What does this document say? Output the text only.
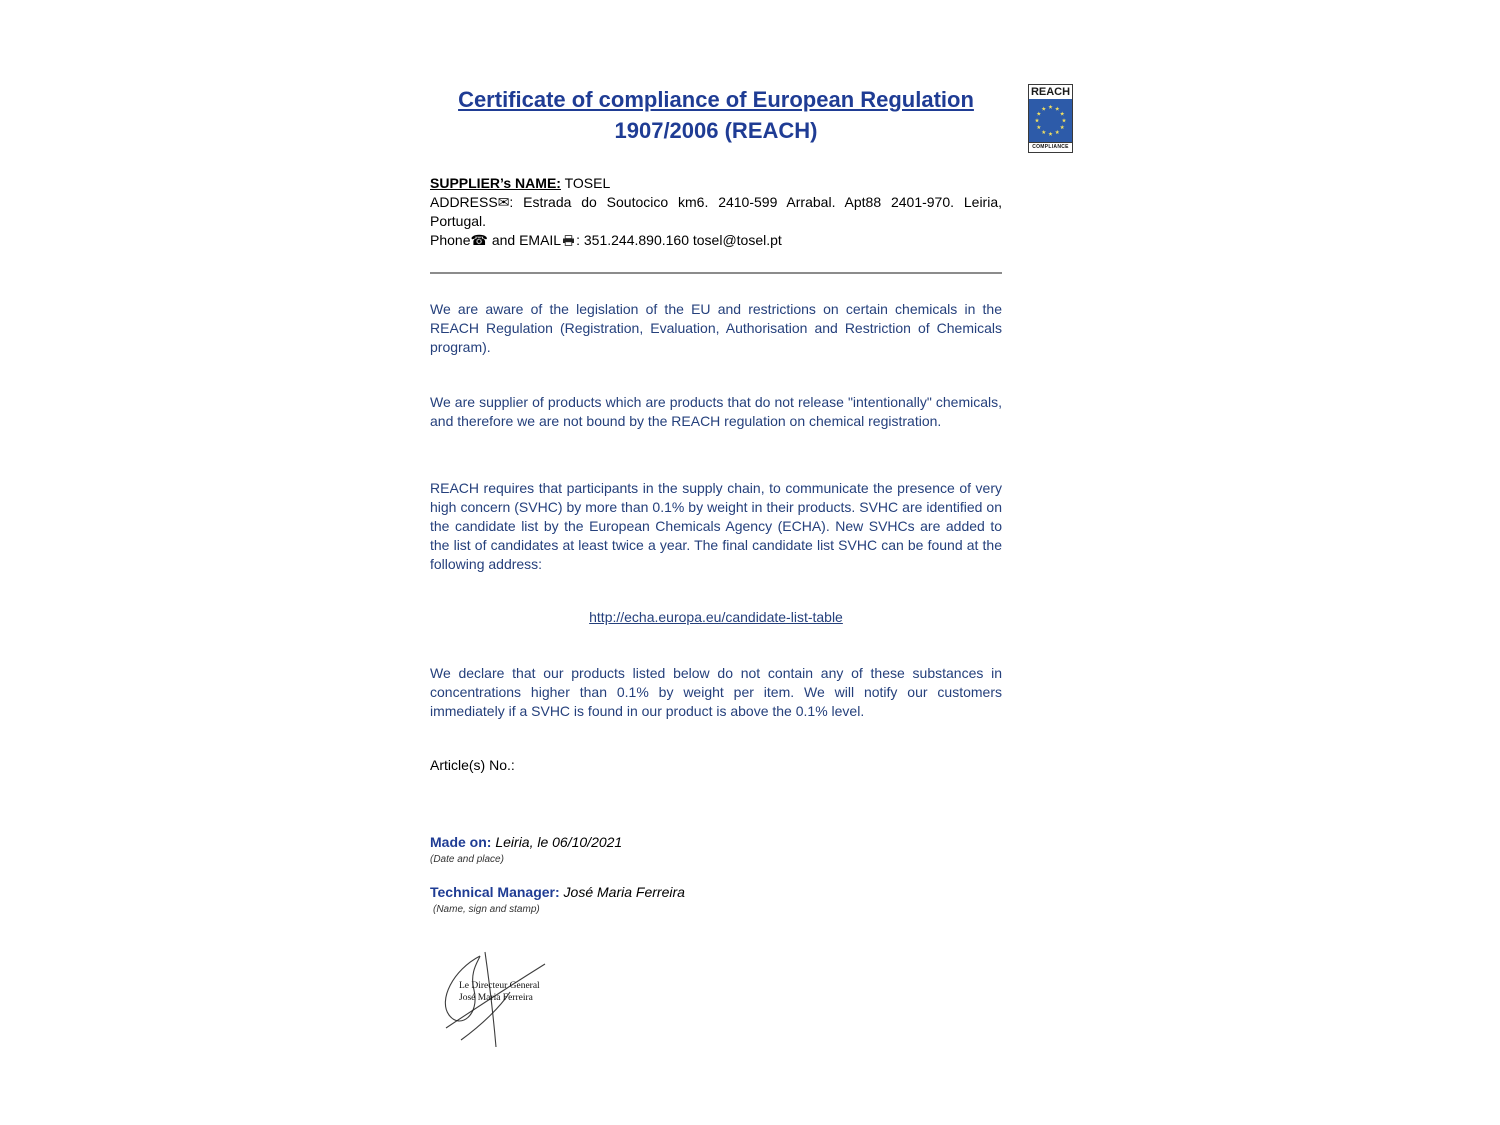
REACH
COMPLIANCE
Certificate of compliance of European Regulation
1907/2006 (REACH)
SUPPLIER’s NAME: TOSEL
ADDRESS✉: Estrada do Soutocico km6. 2410-599 Arrabal. Apt88 2401-970. Leiria, Portugal.
Phone☎ and EMAIL : 351.244.890.160 tosel@tosel.pt

We are aware of the legislation of the EU and restrictions on certain chemicals in the REACH Regulation (Registration, Evaluation, Authorisation and Restriction of Chemicals program).

We are supplier of products which are products that do not release "intentionally" chemicals, and therefore we are not bound by the REACH regulation on chemical registration.

REACH requires that participants in the supply chain, to communicate the presence of very high concern (SVHC) by more than 0.1% by weight in their products. SVHC are identified on the candidate list by the European Chemicals Agency (ECHA). New SVHCs are added to the list of candidates at least twice a year. The final candidate list SVHC can be found at the following address:

http://echa.europa.eu/candidate-list-table

We declare that our products listed below do not contain any of these substances in concentrations higher than 0.1% by weight per item. We will notify our customers immediately if a SVHC is found in our product is above the 0.1% level.

Article(s) No.:
Made on: Leiria, le 06/10/2021
(Date and place)
Technical Manager: José Maria Ferreira
(Name, sign and stamp)
Le Directeur General
José Maria Ferreira
